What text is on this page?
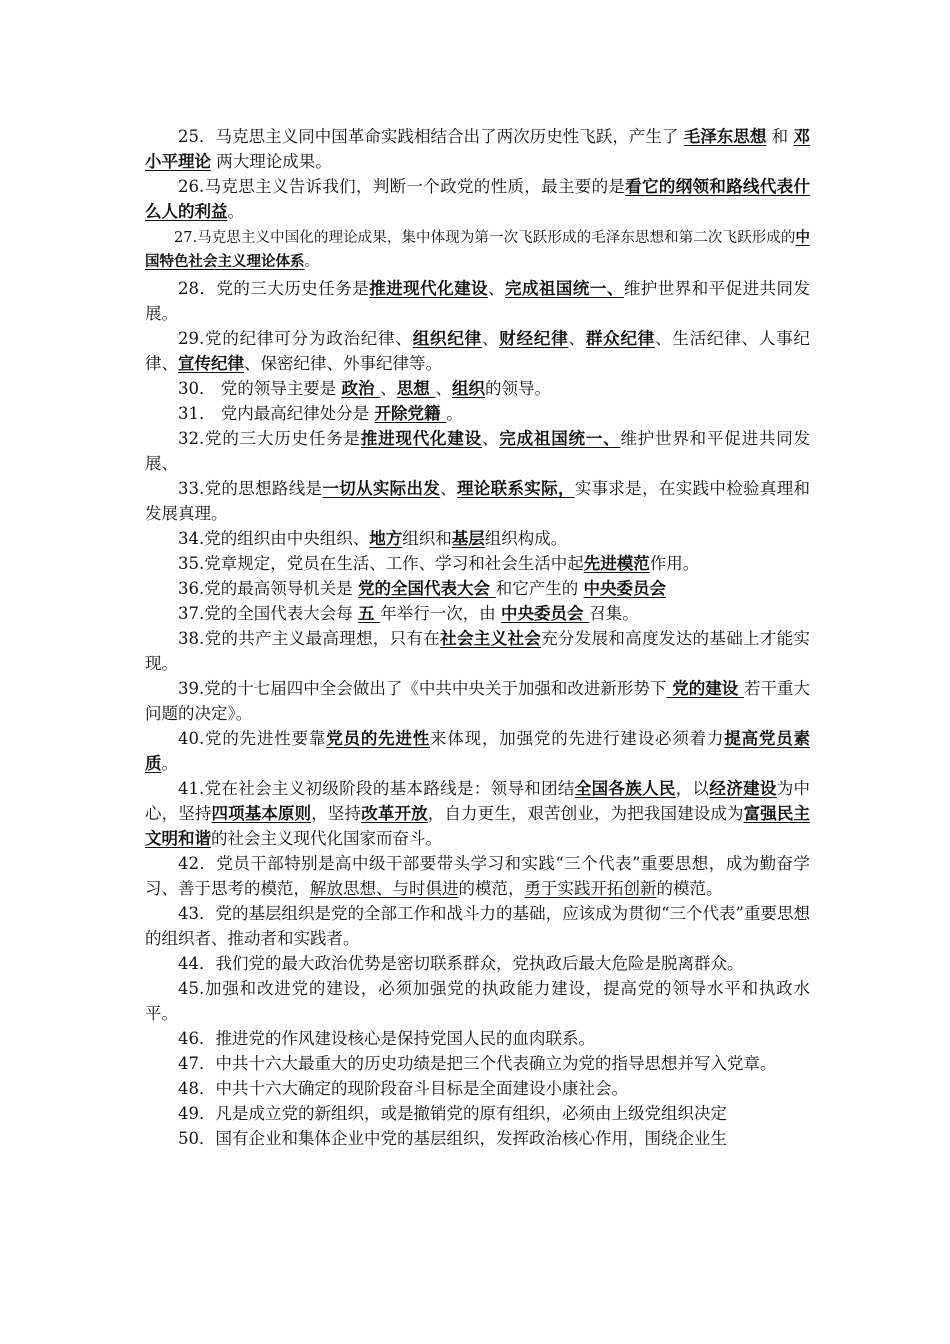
25．马克思主义同中国革命实践相结合出了两次历史性飞跃，产生了 毛泽东思想 和 邓小平理论 两大理论成果。

26.马克思主义告诉我们，判断一个政党的性质，最主要的是看它的纲领和路线代表什么人的利益。

27.马克思主义中国化的理论成果，集中体现为第一次飞跃形成的毛泽东思想和第二次飞跃形成的中国特色社会主义理论体系。

28．党的三大历史任务是推进现代化建设、完成祖国统一、维护世界和平促进共同发展。

29.党的纪律可分为政治纪律、组织纪律、财经纪律、群众纪律、生活纪律、人事纪律、宣传纪律、保密纪律、外事纪律等。

30． 党的领导主要是 政治 、思想 、组织的领导。

31． 党内最高纪律处分是 开除党籍 。

32.党的三大历史任务是推进现代化建设、完成祖国统一、维护世界和平促进共同发展、

33.党的思想路线是一切从实际出发、理论联系实际，实事求是，在实践中检验真理和发展真理。

34.党的组织由中央组织、地方组织和基层组织构成。

35.党章规定，党员在生活、工作、学习和社会生活中起先进模范作用。

36.党的最高领导机关是 党的全国代表大会 和它产生的 中央委员会

37.党的全国代表大会每 五 年举行一次，由 中央委员会 召集。

38.党的共产主义最高理想，只有在社会主义社会充分发展和高度发达的基础上才能实现。

39.党的十七届四中全会做出了《中共中央关于加强和改进新形势下 党的建设 若干重大问题的决定》。

40.党的先进性要靠党员的先进性来体现，加强党的先进行建设必须着力提高党员素质。

41.党在社会主义初级阶段的基本路线是：领导和团结全国各族人民，以经济建设为中心，坚持四项基本原则，坚持改革开放，自力更生，艰苦创业，为把我国建设成为富强民主文明和谐的社会主义现代化国家而奋斗。

42．党员干部特别是高中级干部要带头学习和实践“三个代表”重要思想，成为勤奋学习、善于思考的模范，解放思想、与时俱进的模范，勇于实践开拓创新的模范。

43．党的基层组织是党的全部工作和战斗力的基础，应该成为贯彻“三个代表”重要思想的组织者、推动者和实践者。

44．我们党的最大政治优势是密切联系群众，党执政后最大危险是脱离群众。

45.加强和改进党的建设，必须加强党的执政能力建设，提高党的领导水平和执政水平。

46．推进党的作风建设核心是保持党国人民的血肉联系。

47．中共十六大最重大的历史功绩是把三个代表确立为党的指导思想并写入党章。

48．中共十六大确定的现阶段奋斗目标是全面建设小康社会。

49．凡是成立党的新组织，或是撤销党的原有组织，必须由上级党组织决定

50．国有企业和集体企业中党的基层组织，发挥政治核心作用，围绕企业生
